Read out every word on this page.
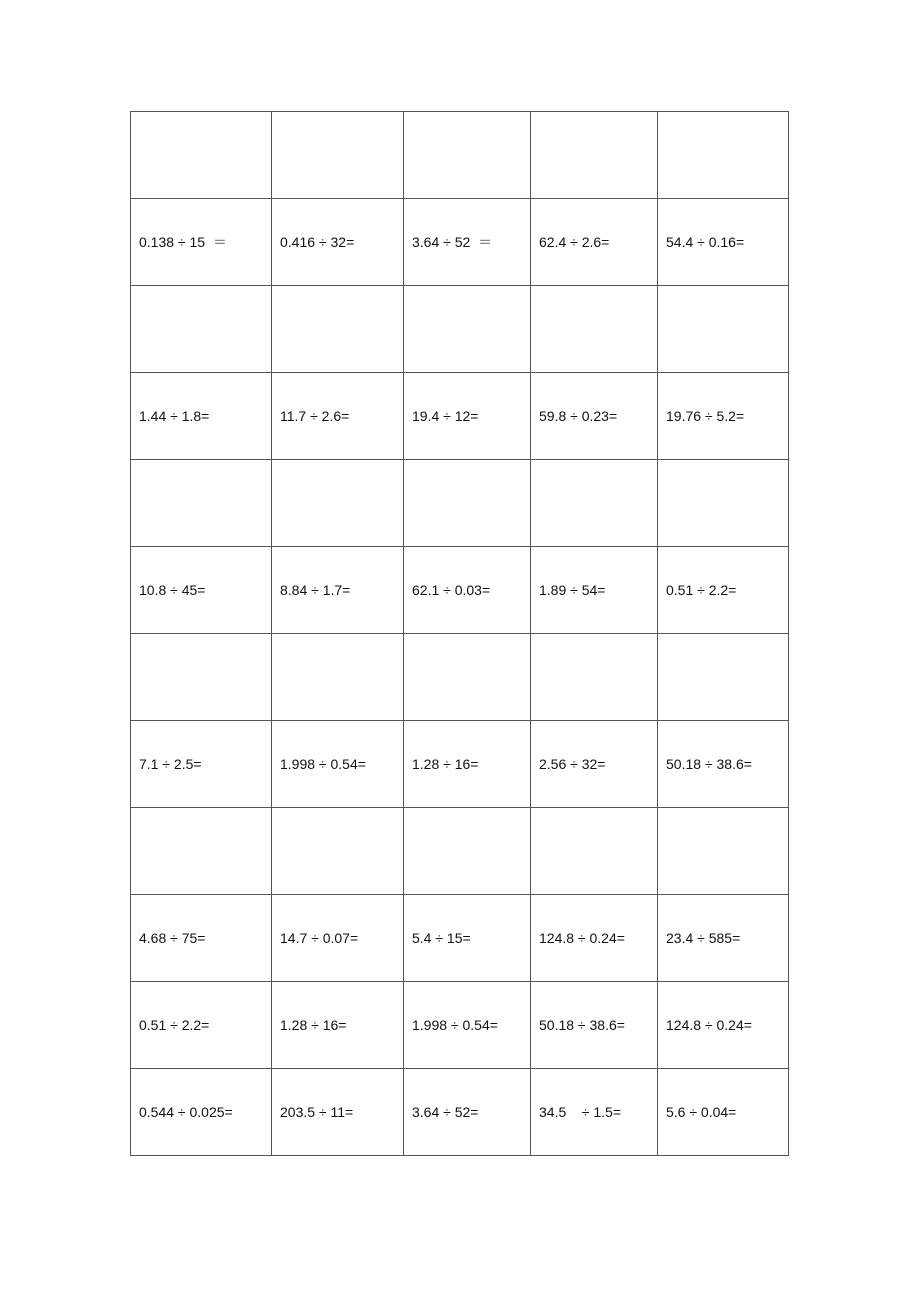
0.138 ÷ 15  ＝	0.416 ÷ 32=	3.64 ÷ 52  ＝	62.4 ÷ 2.6=	54.4 ÷ 0.16=

1.44 ÷ 1.8=	11.7 ÷ 2.6=	19.4 ÷ 12=	59.8 ÷ 0.23=	19.76 ÷ 5.2=

10.8 ÷ 45=	8.84 ÷ 1.7=	62.1 ÷ 0.03=	1.89 ÷ 54=	0.51 ÷ 2.2=

7.1 ÷ 2.5=	1.998 ÷ 0.54=	1.28 ÷ 16=	2.56 ÷ 32=	50.18 ÷ 38.6=

4.68 ÷ 75=	14.7 ÷ 0.07=	5.4 ÷ 15=	124.8 ÷ 0.24=	23.4 ÷ 585=
0.51 ÷ 2.2=	1.28 ÷ 16=	1.998 ÷ 0.54=	50.18 ÷ 38.6=	124.8 ÷ 0.24=
0.544 ÷ 0.025=	203.5 ÷ 11=	3.64 ÷ 52=	34.5    ÷ 1.5=	5.6 ÷ 0.04=
